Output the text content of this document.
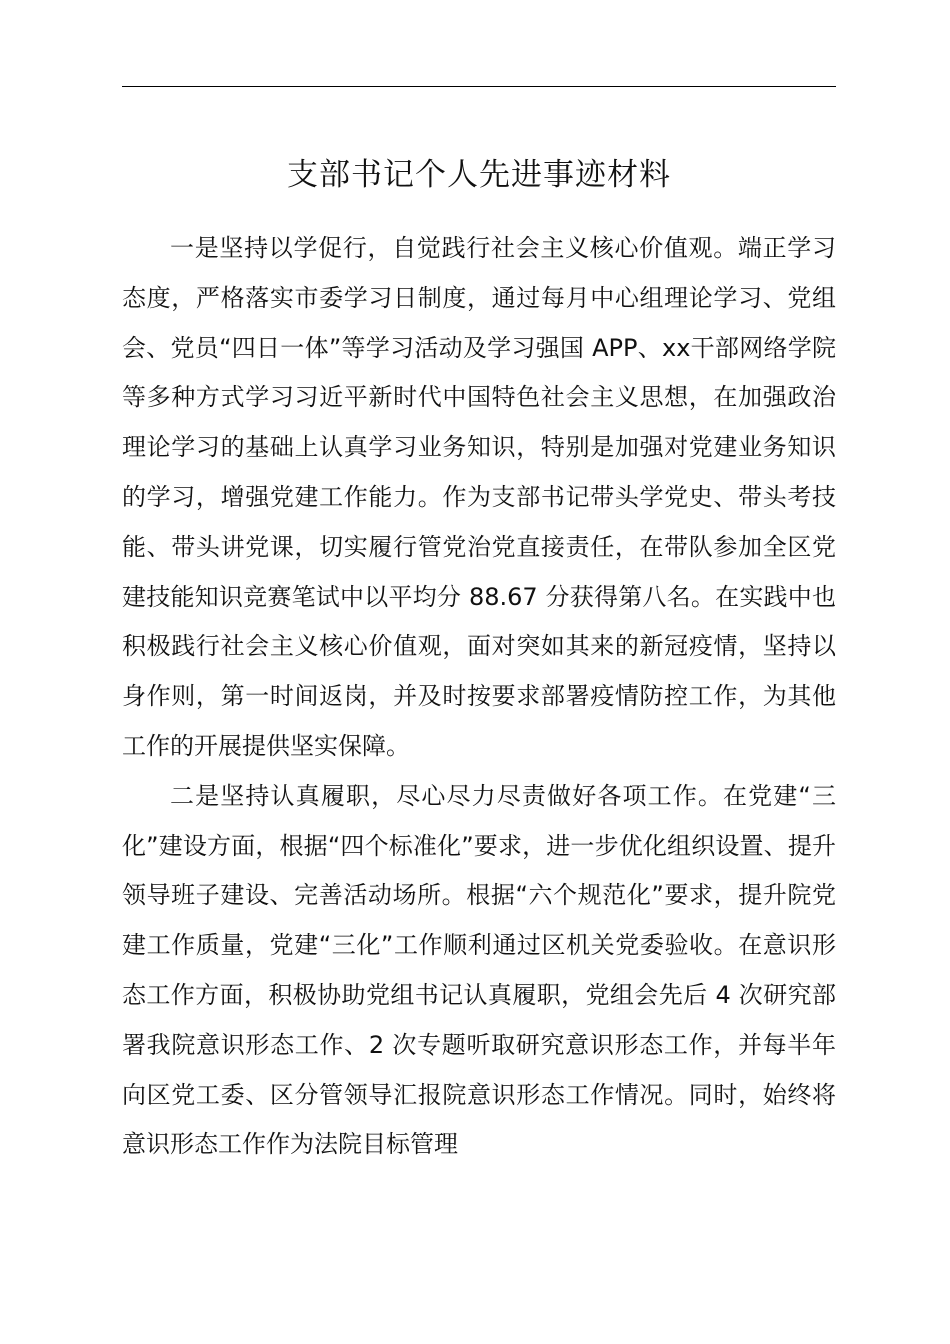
支部书记个人先进事迹材料

一是坚持以学促行，自觉践行社会主义核心价值观。端正学习态度，严格落实市委学习日制度，通过每月中心组理论学习、党组会、党员“四日一体”等学习活动及学习强国 APP、xx干部网络学院等多种方式学习习近平新时代中国特色社会主义思想，在加强政治理论学习的基础上认真学习业务知识，特别是加强对党建业务知识的学习，增强党建工作能力。作为支部书记带头学党史、带头考技能、带头讲党课，切实履行管党治党直接责任，在带队参加全区党建技能知识竞赛笔试中以平均分 88.67 分获得第八名。在实践中也积极践行社会主义核心价值观，面对突如其来的新冠疫情，坚持以身作则，第一时间返岗，并及时按要求部署疫情防控工作，为其他工作的开展提供坚实保障。

二是坚持认真履职，尽心尽力尽责做好各项工作。在党建“三化”建设方面，根据“四个标准化”要求，进一步优化组织设置、提升领导班子建设、完善活动场所。根据“六个规范化”要求，提升院党建工作质量，党建“三化”工作顺利通过区机关党委验收。在意识形态工作方面，积极协助党组书记认真履职，党组会先后 4 次研究部署我院意识形态工作、2 次专题听取研究意识形态工作，并每半年向区党工委、区分管领导汇报院意识形态工作情况。同时，始终将意识形态工作作为法院目标管理
